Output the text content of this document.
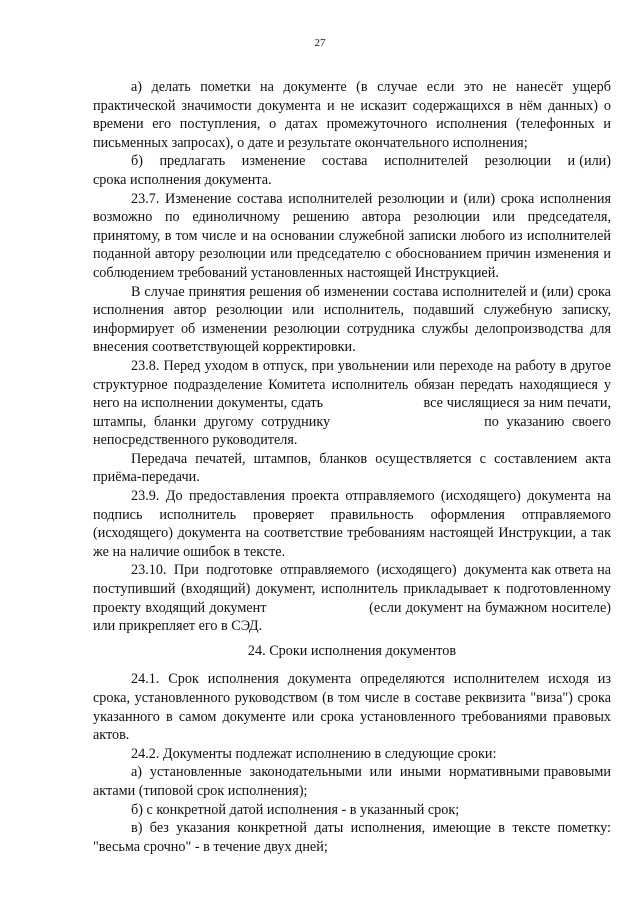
27

а) делать пометки на документе (в случае если это не нанесёт ущерб практической значимости документа и не исказит содержащихся в нём данных) о времени его поступления, о датах промежуточного исполнения (телефонных и письменных запросах), о дате и результате окончательного исполнения;

б)    предлагать    изменение    состава    исполнителей    резолюции    и (или) срока исполнения документа.

23.7. Изменение состава исполнителей резолюции и (или) срока исполнения возможно по единоличному решению автора резолюции или председателя, принятому, в том числе и на основании служебной записки любого из исполнителей поданной автору резолюции или председателю с обоснованием причин изменения и соблюдением требований установленных настоящей Инструкцией.

В случае принятия решения об изменении состава исполнителей и (или) срока исполнения автор резолюции или исполнитель, подавший служебную записку, информирует об изменении резолюции сотрудника службы делопроизводства для внесения соответствующей корректировки.

23.8. Перед уходом в отпуск, при увольнении или переходе на работу в другое структурное подразделение Комитета исполнитель обязан передать находящиеся у него на исполнении документы, сдать                          все числящиеся за ним печати, штампы, бланки другому сотруднику                    по указанию своего непосредственного руководителя.

Передача печатей, штампов, бланков осуществляется с составлением акта приёма-передачи.

23.9. До предоставления проекта отправляемого (исходящего) документа на подпись исполнитель проверяет правильность оформления отправляемого (исходящего) документа на соответствие требованиям настоящей Инструкции, а так же на наличие ошибок в тексте.

23.10.  При  подготовке  отправляемого  (исходящего)  документа как ответа на поступивший (входящий) документ, исполнитель прикладывает к подготовленному проекту входящий документ                        (если документ на бумажном носителе) или прикрепляет его в СЭД.

24. Сроки исполнения документов

24.1. Срок исполнения документа определяются исполнителем исходя из срока, установленного руководством (в том числе в составе реквизита "виза") срока указанного в самом документе или срока установленного требованиями правовых актов.

24.2. Документы подлежат исполнению в следующие сроки:

а)  установленные  законодательными  или  иными  нормативными правовыми актами (типовой срок исполнения);

б) с конкретной датой исполнения - в указанный срок;

в) без указания конкретной даты исполнения, имеющие в тексте пометку: "весьма срочно" - в течение двух дней;
